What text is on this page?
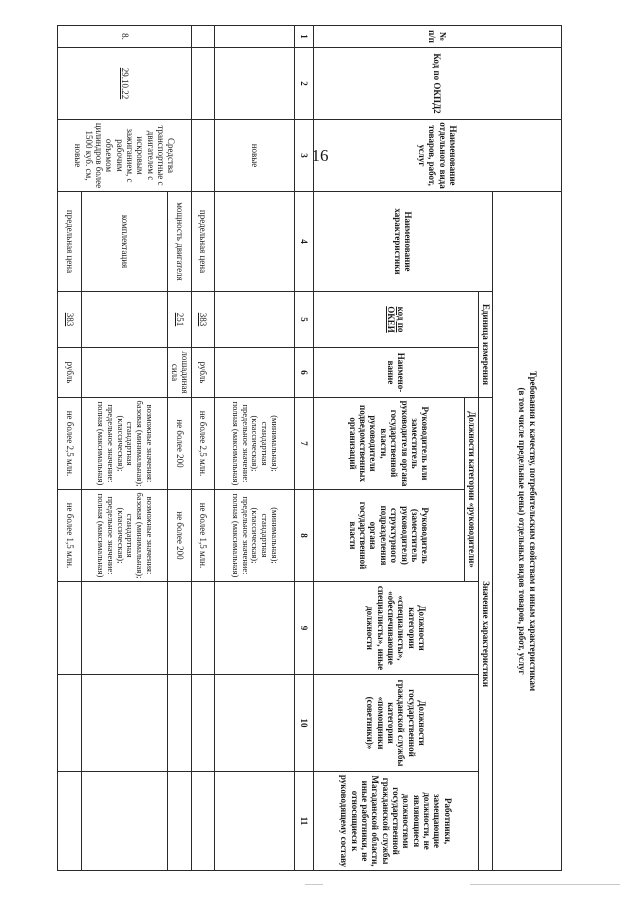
16
№ п/п	Код по ОКПД2	Наименование отдельного вида товаров, работ, услуг	Требования к качеству, потребительским свойствам и иным характеристикам
(в том числе предельные цены) отдельных видов товаров, работ, услуг							
			Наименование характеристики	Единица измерения		Значение характеристики				
				код по ОКЕИ	Наимено-вание	Должности категории «руководители»		Должности категории «специалисты», «обеспечивающие специалисты», иные должности	Должности государственной гражданской службы категории «помощники (советники)»	Работники, замещающие должности, не являющиеся должностями государственной гражданской службы Магаданской области, иные работники, не относящиеся к руководящему составу
						Руководитель или заместитель руководителя органа государственной власти, руководители подведомственных организаций	Руководитель (заместитель руководителя) структурного подразделения органа государственной власти			
1	2	3	4	5	6	7	8	9	10	11
		новые				(минимальная); стандартная (классическая); предельное значение: полная (максимальная)	(минимальная); стандартная (классическая); предельное значение: полная (максимальная)			
			предельная цена	383	рубль	не более 2,5 млн.	не более 1,5 млн.			
8.	29.10.22	Средства транспортные с двигателем с искровым зажиганием, с рабочим объемом цилиндров более 1500 куб. см, новые	мощность двигателя	251	лошадиная сила	не более 200	не более 200			
			комплектация			возможные значения: базовая (минимальная); стандартная (классическая); предельное значение: полная (максимальная)	возможные значения: базовая (минимальная); стандартная (классическая); предельное значение: полная (максимальная)			
			предельная цена	383	рубль	не более 2,5 млн.	не более 1,5 млн.			
